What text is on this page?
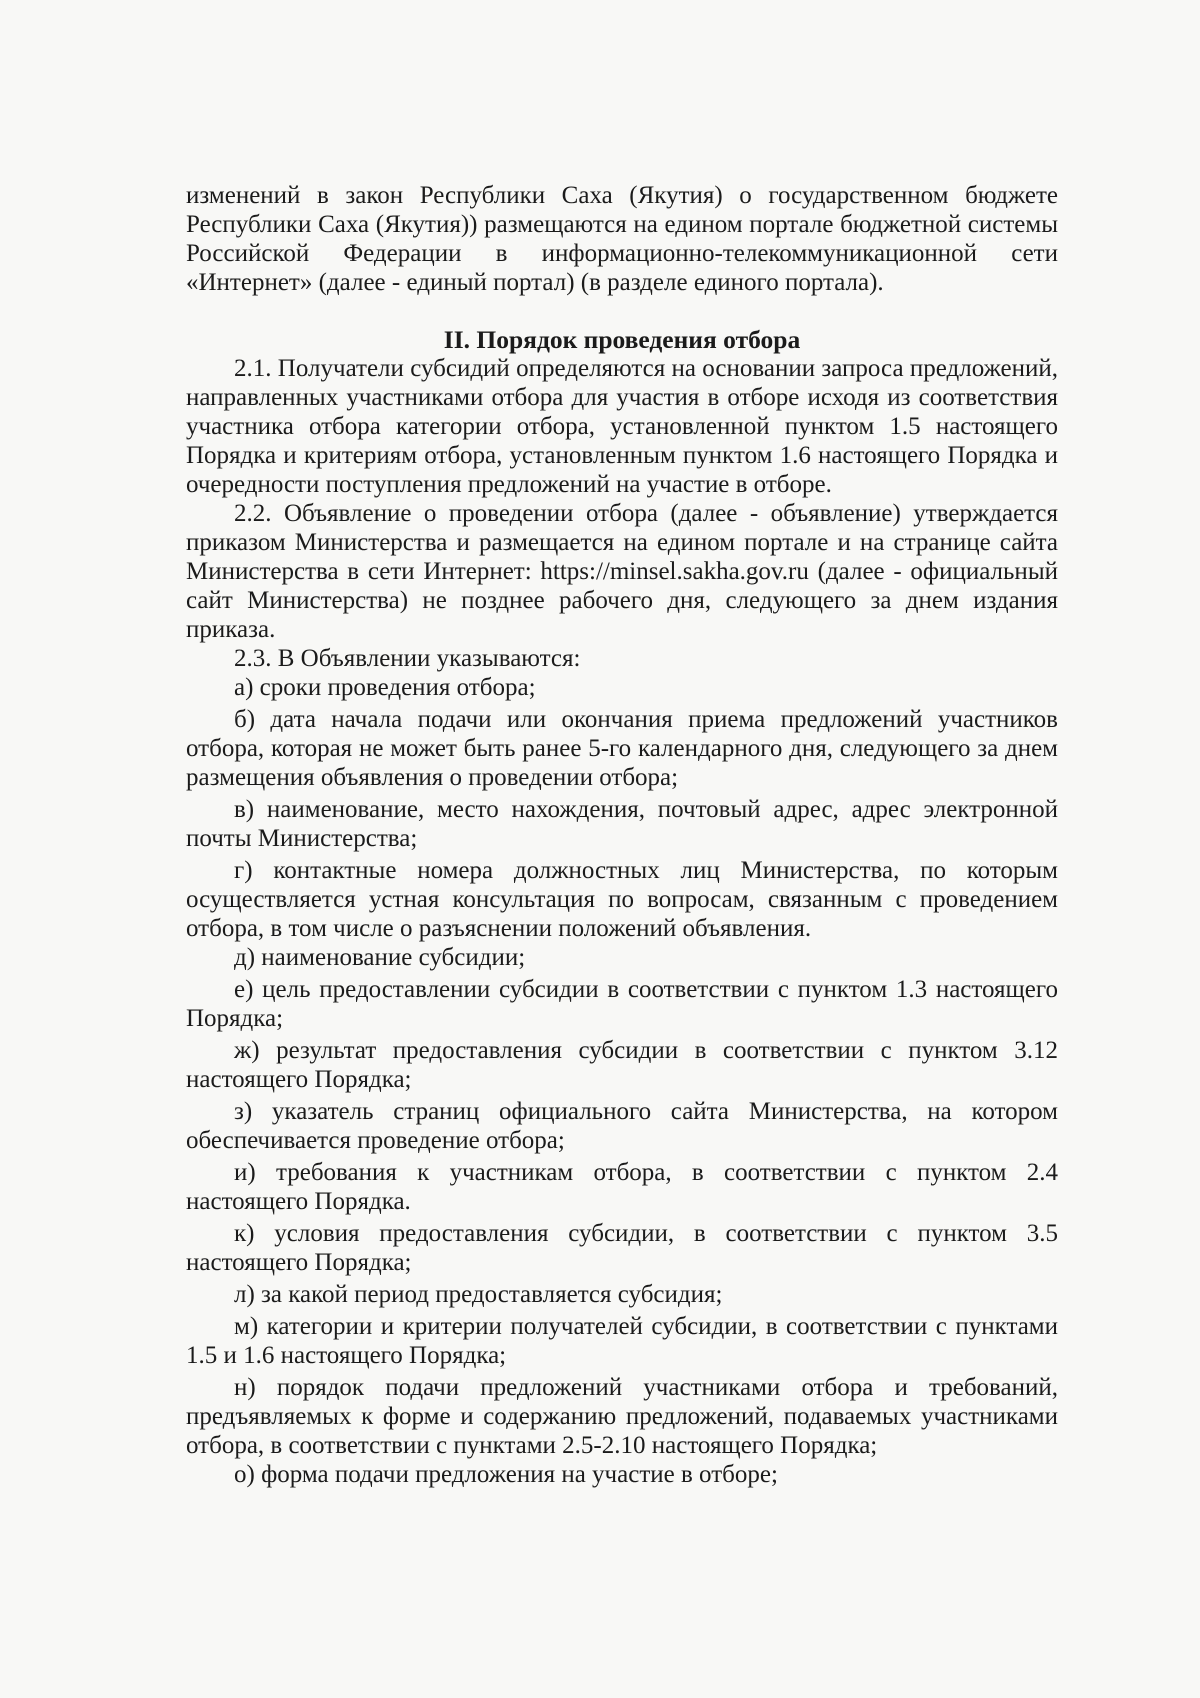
изменений в закон Республики Саха (Якутия) о государственном бюджете Республики Саха (Якутия)) размещаются на едином портале бюджетной системы Российской Федерации в информационно-телекоммуникационной сети «Интернет» (далее - единый портал) (в разделе единого портала).

II. Порядок проведения отбора

2.1. Получатели субсидий определяются на основании запроса предложений, направленных участниками отбора для участия в отборе исходя из соответствия участника отбора категории отбора, установленной пунктом 1.5 настоящего Порядка и критериям отбора, установленным пунктом 1.6 настоящего Порядка и очередности поступления предложений на участие в отборе.

2.2. Объявление о проведении отбора (далее - объявление) утверждается приказом Министерства и размещается на едином портале и на странице сайта Министерства в сети Интернет: https://minsel.sakha.gov.ru (далее - официальный сайт Министерства) не позднее рабочего дня, следующего за днем издания приказа.

2.3. В Объявлении указываются:

а) сроки проведения отбора;

б) дата начала подачи или окончания приема предложений участников отбора, которая не может быть ранее 5-го календарного дня, следующего за днем размещения объявления о проведении отбора;

в) наименование, место нахождения, почтовый адрес, адрес электронной почты Министерства;

г) контактные номера должностных лиц Министерства, по которым осуществляется устная консультация по вопросам, связанным с проведением отбора, в том числе о разъяснении положений объявления.

д) наименование субсидии;

е) цель предоставлении субсидии в соответствии с пунктом 1.3 настоящего Порядка;

ж) результат предоставления субсидии в соответствии с пунктом 3.12 настоящего Порядка;

з) указатель страниц официального сайта Министерства, на котором обеспечивается проведение отбора;

и) требования к участникам отбора, в соответствии с пунктом 2.4 настоящего Порядка.

к) условия предоставления субсидии, в соответствии с пунктом 3.5 настоящего Порядка;

л) за какой период предоставляется субсидия;

м) категории и критерии получателей субсидии, в соответствии с пунктами 1.5 и 1.6 настоящего Порядка;

н) порядок подачи предложений участниками отбора и требований, предъявляемых к форме и содержанию предложений, подаваемых участниками отбора, в соответствии с пунктами 2.5-2.10 настоящего Порядка;

о) форма подачи предложения на участие в отборе;
